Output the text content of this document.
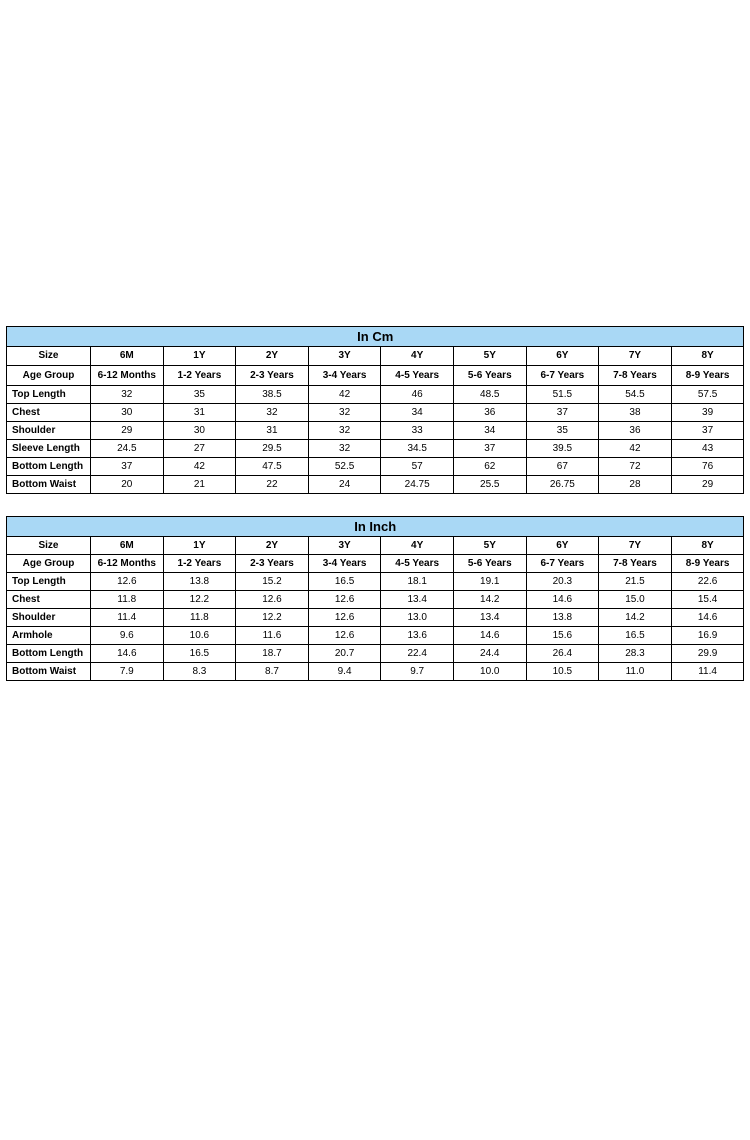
In Cm									
Size	6M	1Y	2Y	3Y	4Y	5Y	6Y	7Y	8Y
Age Group	6-12 Months	1-2 Years	2-3 Years	3-4 Years	4-5 Years	5-6 Years	6-7 Years	7-8 Years	8-9 Years
Top Length	32	35	38.5	42	46	48.5	51.5	54.5	57.5
Chest	30	31	32	32	34	36	37	38	39
Shoulder	29	30	31	32	33	34	35	36	37
Sleeve Length	24.5	27	29.5	32	34.5	37	39.5	42	43
Bottom Length	37	42	47.5	52.5	57	62	67	72	76
Bottom Waist	20	21	22	24	24.75	25.5	26.75	28	29
In Inch									
Size	6M	1Y	2Y	3Y	4Y	5Y	6Y	7Y	8Y
Age Group	6-12 Months	1-2 Years	2-3 Years	3-4 Years	4-5 Years	5-6 Years	6-7 Years	7-8 Years	8-9 Years
Top Length	12.6	13.8	15.2	16.5	18.1	19.1	20.3	21.5	22.6
Chest	11.8	12.2	12.6	12.6	13.4	14.2	14.6	15.0	15.4
Shoulder	11.4	11.8	12.2	12.6	13.0	13.4	13.8	14.2	14.6
Armhole	9.6	10.6	11.6	12.6	13.6	14.6	15.6	16.5	16.9
Bottom Length	14.6	16.5	18.7	20.7	22.4	24.4	26.4	28.3	29.9
Bottom Waist	7.9	8.3	8.7	9.4	9.7	10.0	10.5	11.0	11.4
